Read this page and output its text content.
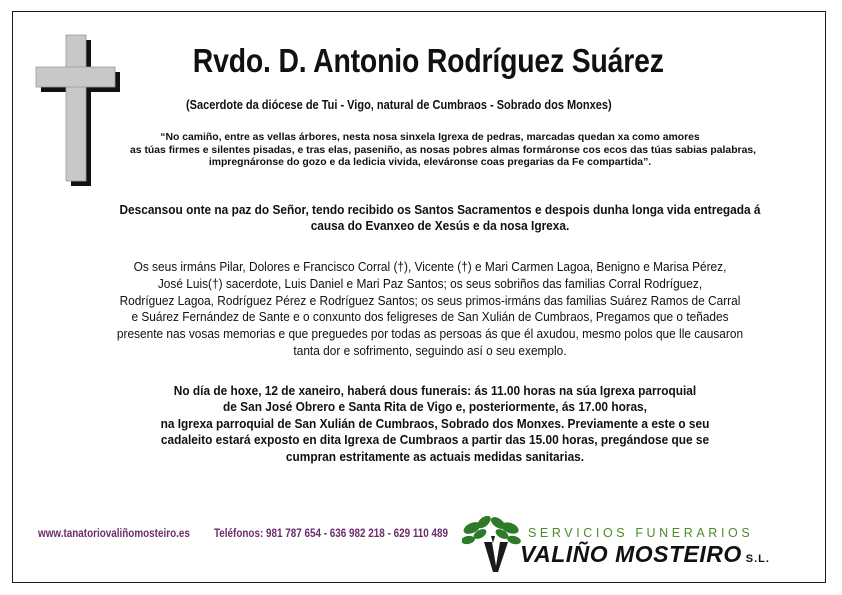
Rvdo. D. Antonio Rodríguez Suárez
(Sacerdote da diócese de Tui - Vigo, natural de Cumbraos - Sobrado dos Monxes)
“No camiño, entre as vellas árbores, nesta nosa sinxela Igrexa de pedras, marcadas quedan xa como amores
as túas firmes e silentes pisadas, e tras elas, paseniño, as nosas pobres almas formáronse cos ecos das túas sabias palabras,
impregnáronse do gozo e da ledicia vivida, eleváronse coas pregarias da Fe compartida”.
Descansou onte na paz do Señor, tendo recibido os Santos Sacramentos e despois dunha longa vida entregada á
causa do Evanxeo de Xesús e da nosa Igrexa.
Os seus irmáns Pilar, Dolores e Francisco Corral (†), Vicente (†) e Mari Carmen Lagoa, Benigno e Marisa Pérez,
José Luis(†) sacerdote, Luis Daniel e Mari Paz Santos; os seus sobriños das familias Corral Rodríguez,
Rodríguez Lagoa, Rodríguez Pérez e Rodríguez Santos; os seus primos-irmáns das familias Suárez Ramos de Carral
e Suárez Fernández de Sante e o conxunto dos feligreses de San Xulián de Cumbraos, Pregamos que o teñades
presente nas vosas memorias e que preguedes por todas as persoas ás que él axudou, mesmo polos que lle causaron
tanta dor e sofrimento, seguindo así o seu exemplo.
No día de hoxe, 12 de xaneiro, haberá dous funerais: ás 11.00 horas na súa Igrexa parroquial
de San José Obrero e Santa Rita de Vigo e, posteriormente, ás 17.00 horas,
na Igrexa parroquial de San Xulián de Cumbraos, Sobrado dos Monxes. Previamente a este o seu
cadaleito estará exposto en dita Igrexa de Cumbraos a partir das 15.00 horas, pregándose que se
cumpran estritamente as actuais medidas sanitarias.
www.tanatoriovaliñomosteiro.es Teléfonos: 981 787 654 - 636 982 218 - 629 110 489	SERVICIOS FUNERARIOS
VALIÑO MOSTEIRO S.L.
